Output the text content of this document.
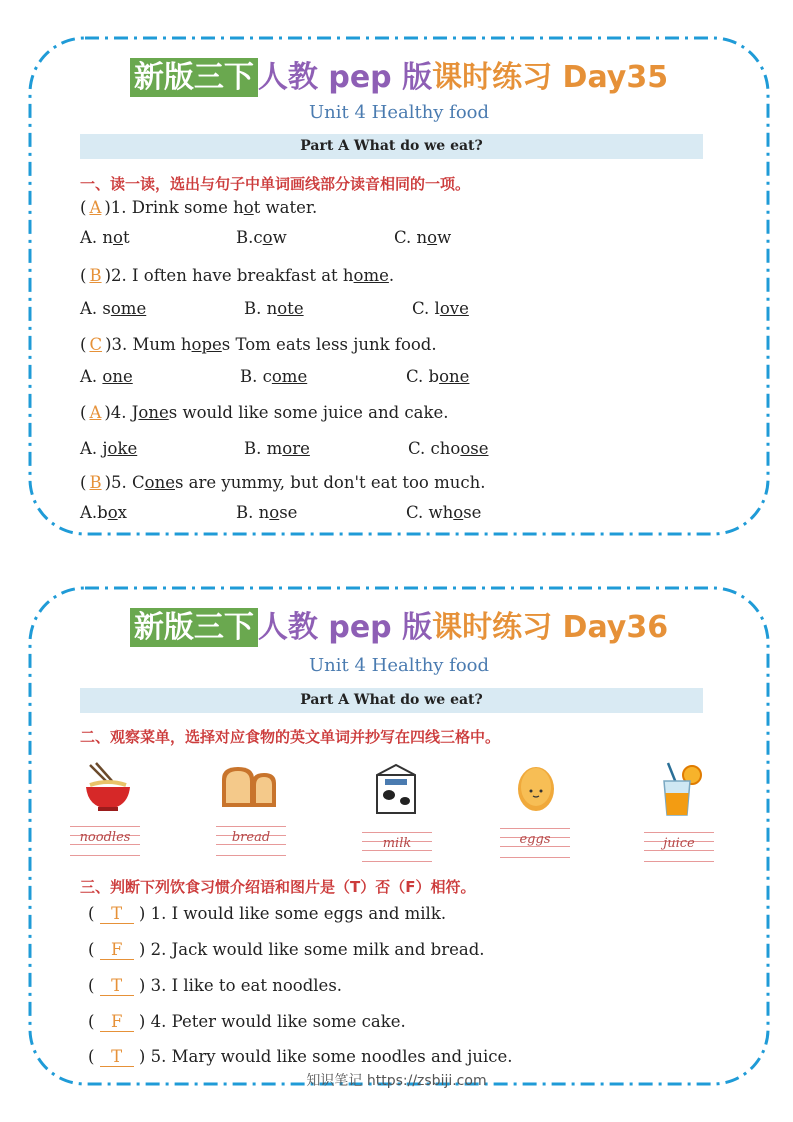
新版三下 人教 pep 版课时练习 Day35
Unit 4 Healthy food
Part A What do we eat?
一、读一读，选出与句子中单词画线部分读音相同的一项。
( A )1. Drink some hot water.
A. not	B.cow	C. now
( B )2. I often have breakfast at home.
A. some	B. note	C. love
( C )3. Mum hopes Tom eats less junk food.
A. one	B. come	C. bone
( A )4. Jones would like some juice and cake.
A. joke	B. more	C. choose
( B )5. Cones are yummy, but don't eat too much.
A.box	B. nose	C. whose
新版三下 人教 pep 版课时练习 Day36
Unit 4 Healthy food
Part A What do we eat?
二、观察菜单，选择对应食物的英文单词并抄写在四线三格中。
noodles	bread	milk	eggs	juice
三、判断下列饮食习惯介绍语和图片是（T）否（F）相符。
( T ) 1. I would like some eggs and milk.
( F ) 2. Jack would like some milk and bread.
( T ) 3. I like to eat noodles.
( F ) 4. Peter would like some cake.
( T ) 5. Mary would like some noodles and juice.
知识笔记 https://zsbiji.com
